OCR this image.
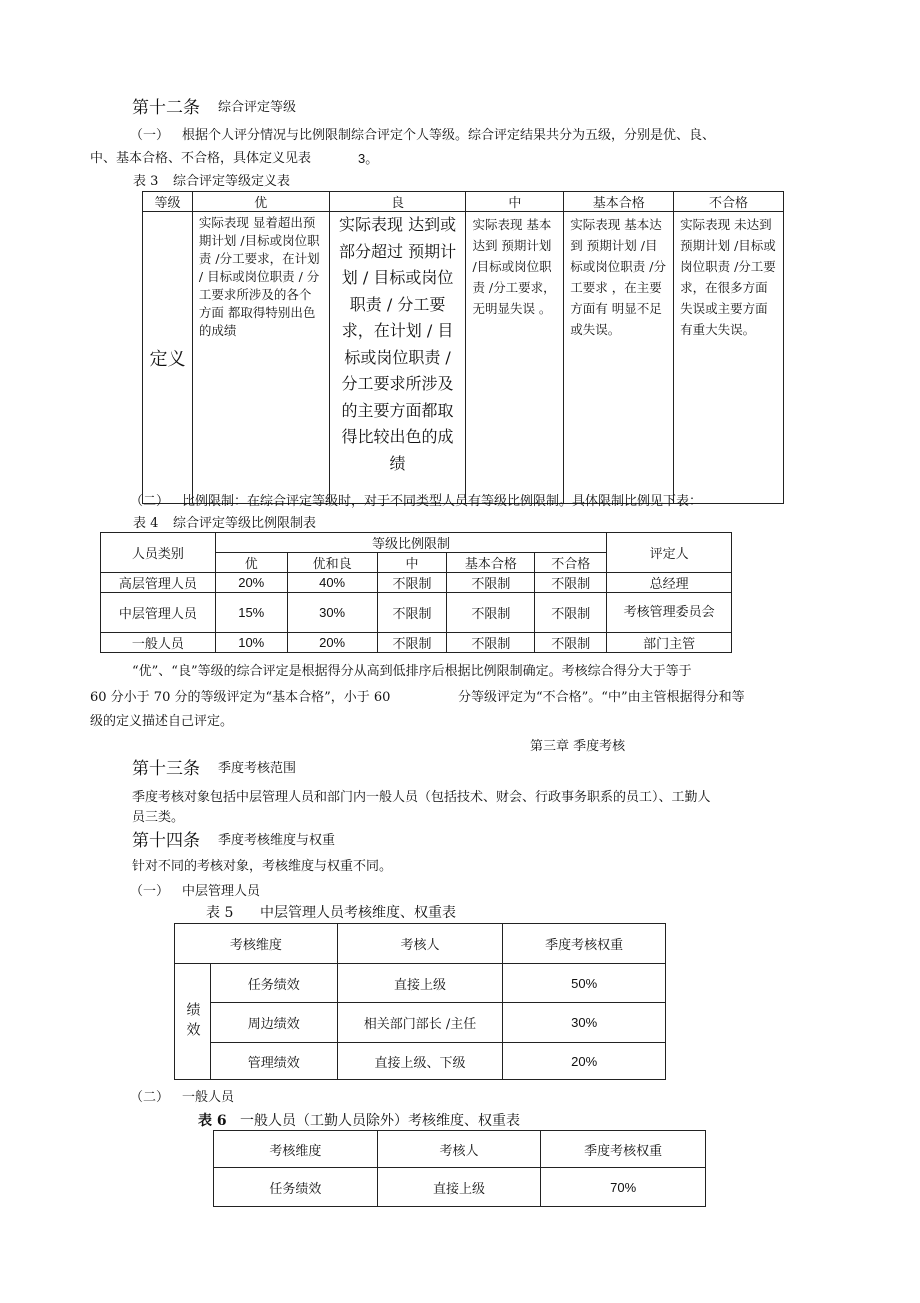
第十二条 综合评定等级
（一） 根据个人评分情况与比例限制综合评定个人等级。综合评定结果共分为五级，分别是优、良、
中、基本合格、不合格，具体定义见表	3。
表 3 综合评定等级定义表
等级	优	良	中	基本合格	不合格
定义	实际表现 显着超出预期计划 /目标或岗位职责 /分工要求，在计划 / 目标或岗位职责 / 分工要求所涉及的各个方面 都取得特别出色 的成绩	实际表现 达到或部分超过 预期计划 / 目标或岗位职责 / 分工要求，在计划 / 目标或岗位职责 / 分工要求所涉及的主要方面都取得比较出色的成绩	实际表现 基本达到 预期计划 /目标或岗位职责 /分工要求， 无明显失误 。	实际表现 基本达到 预期计划 /目标或岗位职责 /分工要求 ，在主要方面有 明显不足或失误。	实际表现 未达到 预期计划 /目标或岗位职责 /分工要求，在很多方面失误或主要方面有重大失误。
（二） 比例限制：在综合评定等级时，对于不同类型人员有等级比例限制。具体限制比例见下表：
表 4 综合评定等级比例限制表
人员类别	等级比例限制					评定人
	优	优和良	中	基本合格	不合格	
高层管理人员	20%	40%	不限制	不限制	不限制	总经理
中层管理人员	15%	30%	不限制	不限制	不限制	考核管理委员会
一般人员	10%	20%	不限制	不限制	不限制	部门主管
“优”、“良”等级的综合评定是根据得分从高到低排序后根据比例限制确定。考核综合得分大于等于
60 分小于 70 分的等级评定为“基本合格”，小于 60	分等级评定为“不合格”。“中”由主管根据得分和等
级的定义描述自己评定。
第三章 季度考核
第十三条 季度考核范围
季度考核对象包括中层管理人员和部门内一般人员（包括技术、财会、行政事务职系的员工）、工勤人
员三类。
第十四条 季度考核维度与权重
针对不同的考核对象，考核维度与权重不同。
（一） 中层管理人员
表 5 中层管理人员考核维度、权重表
考核维度		考核人	季度考核权重
绩效	任务绩效	直接上级	50%
	周边绩效	相关部门部长 /主任	30%
	管理绩效	直接上级、下级	20%
（二） 一般人员
表 6 一般人员（工勤人员除外）考核维度、权重表
考核维度	考核人	季度考核权重
任务绩效	直接上级	70%
